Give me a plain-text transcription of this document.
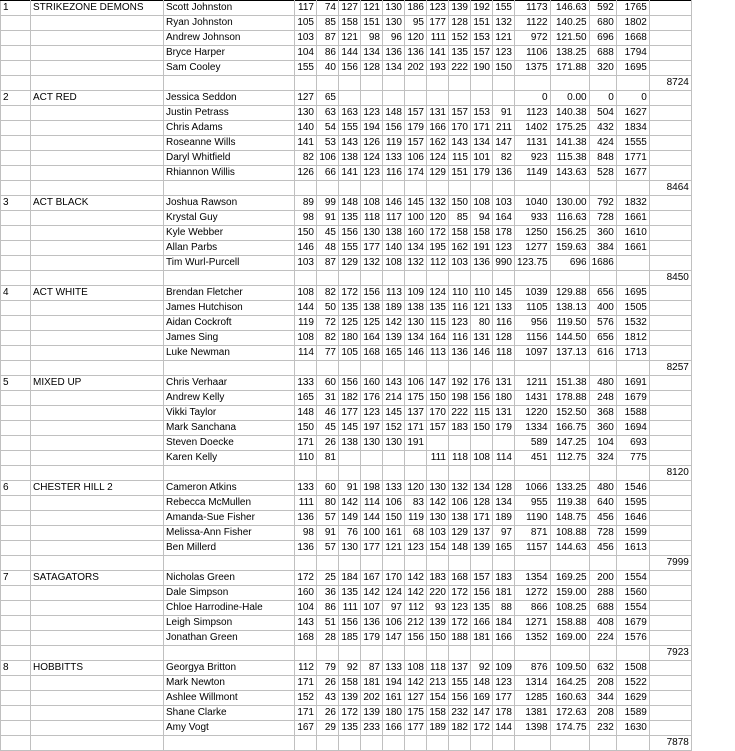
1	STRIKEZONE DEMONS	Scott Johnston	117	74	127	121	130	186	123	139	192	155	1173	146.63	592	1765	
		Ryan Johnston	105	85	158	151	130	95	177	128	151	132	1122	140.25	680	1802	
		Andrew Johnson	103	87	121	98	96	120	111	152	153	121	972	121.50	696	1668	
		Bryce Harper	104	86	144	134	136	136	141	135	157	123	1106	138.25	688	1794	
		Sam Cooley	155	40	156	128	134	202	193	222	190	150	1375	171.88	320	1695	
																	8724
2	ACT RED	Jessica Seddon	127	65									0	0.00	0	0	
		Justin Petrass	130	63	163	123	148	157	131	157	153	91	1123	140.38	504	1627	
		Chris Adams	140	54	155	194	156	179	166	170	171	211	1402	175.25	432	1834	
		Roseanne Wills	141	53	143	126	119	157	162	143	134	147	1131	141.38	424	1555	
		Daryl Whitfield	82	106	138	124	133	106	124	115	101	82	923	115.38	848	1771	
		Rhiannon Willis	126	66	141	123	116	174	129	151	179	136	1149	143.63	528	1677	
																	8464
3	ACT BLACK	Joshua Rawson	89	99	148	108	146	145	132	150	108	103	1040	130.00	792	1832	
		Krystal Guy	98	91	135	118	117	100	120	85	94	164	933	116.63	728	1661	
		Kyle Webber	150	45	156	130	138	160	172	158	158	178	1250	156.25	360	1610	
		Allan Parbs	146	48	155	177	140	134	195	162	191	123	1277	159.63	384	1661	
		Tim Wurl-Purcell	103	87	129	132	108	132	112	103	136	990	123.75	696	1686		
																	8450
4	ACT WHITE	Brendan Fletcher	108	82	172	156	113	109	124	110	110	145	1039	129.88	656	1695	
		James Hutchison	144	50	135	138	189	138	135	116	121	133	1105	138.13	400	1505	
		Aidan Cockroft	119	72	125	125	142	130	115	123	80	116	956	119.50	576	1532	
		James Sing	108	82	180	164	139	134	164	116	131	128	1156	144.50	656	1812	
		Luke Newman	114	77	105	168	165	146	113	136	146	118	1097	137.13	616	1713	
																	8257
5	MIXED UP	Chris Verhaar	133	60	156	160	143	106	147	192	176	131	1211	151.38	480	1691	
		Andrew Kelly	165	31	182	176	214	175	150	198	156	180	1431	178.88	248	1679	
		Vikki Taylor	148	46	177	123	145	137	170	222	115	131	1220	152.50	368	1588	
		Mark Sanchana	150	45	145	197	152	171	157	183	150	179	1334	166.75	360	1694	
		Steven Doecke	171	26	138	130	130	191					589	147.25	104	693	
		Karen Kelly	110	81					111	118	108	114	451	112.75	324	775	
																	8120
6	CHESTER HILL 2	Cameron Atkins	133	60	91	198	133	120	130	132	134	128	1066	133.25	480	1546	
		Rebecca McMullen	111	80	142	114	106	83	142	106	128	134	955	119.38	640	1595	
		Amanda-Sue Fisher	136	57	149	144	150	119	130	138	171	189	1190	148.75	456	1646	
		Melissa-Ann Fisher	98	91	76	100	161	68	103	129	137	97	871	108.88	728	1599	
		Ben Millerd	136	57	130	177	121	123	154	148	139	165	1157	144.63	456	1613	
																	7999
7	SATAGATORS	Nicholas Green	172	25	184	167	170	142	183	168	157	183	1354	169.25	200	1554	
		Dale Simpson	160	36	135	142	124	142	220	172	156	181	1272	159.00	288	1560	
		Chloe Harrodine-Hale	104	86	111	107	97	112	93	123	135	88	866	108.25	688	1554	
		Leigh Simpson	143	51	156	136	106	212	139	172	166	184	1271	158.88	408	1679	
		Jonathan Green	168	28	185	179	147	156	150	188	181	166	1352	169.00	224	1576	
																	7923
8	HOBBITTS	Georgya Britton	112	79	92	87	133	108	118	137	92	109	876	109.50	632	1508	
		Mark Newton	171	26	158	181	194	142	213	155	148	123	1314	164.25	208	1522	
		Ashlee Willmont	152	43	139	202	161	127	154	156	169	177	1285	160.63	344	1629	
		Shane Clarke	171	26	172	139	180	175	158	232	147	178	1381	172.63	208	1589	
		Amy Vogt	167	29	135	233	166	177	189	182	172	144	1398	174.75	232	1630	
																	7878
